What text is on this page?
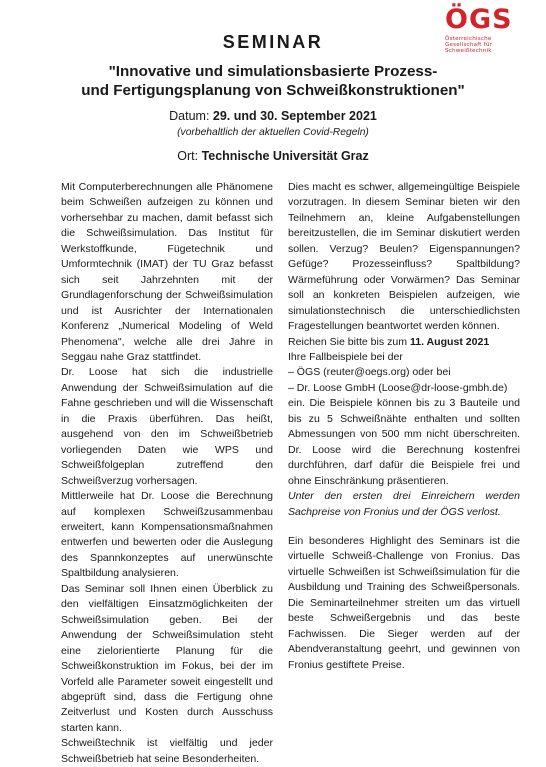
ÖGS
Österreichische
Gesellschaft für
Schweißtechnik
SEMINAR
"Innovative und simulationsbasierte Prozess-
und Fertigungsplanung von Schweißkonstruktionen"
Datum: 29. und 30. September 2021
(vorbehaltlich der aktuellen Covid-Regeln)
Ort: Technische Universität Graz

Mit Computerberechnungen alle Phänomene beim Schweißen aufzeigen zu können und vorhersehbar zu machen, damit befasst sich die Schweißsimulation. Das Institut für Werkstoffkunde, Fügetechnik und Umformtechnik (IMAT) der TU Graz befasst sich seit Jahrzehnten mit der Grundlagenforschung der Schweißsimulation und ist Ausrichter der Internationalen Konferenz „Numerical Modeling of Weld Phenomena", welche alle drei Jahre in Seggau nahe Graz stattfindet.

Dr. Loose hat sich die industrielle Anwendung der Schweißsimulation auf die Fahne geschrieben und will die Wissenschaft in die Praxis überführen. Das heißt, ausgehend von den im Schweißbetrieb vorliegenden Daten wie WPS und Schweißfolgeplan zutreffend den Schweißverzug vorhersagen.

Mittlerweile hat Dr. Loose die Berechnung auf komplexen Schweißzusammenbau erweitert, kann Kompensationsmaßnahmen entwerfen und bewerten oder die Auslegung des Spannkonzeptes auf unerwünschte Spaltbildung analysieren.

Das Seminar soll Ihnen einen Überblick zu den vielfältigen Einsatzmöglichkeiten der Schweißsimulation geben. Bei der Anwendung der Schweißsimulation steht eine zielorientierte Planung für die Schweißkonstruktion im Fokus, bei der im Vorfeld alle Parameter soweit eingestellt und abgeprüft sind, dass die Fertigung ohne Zeitverlust und Kosten durch Ausschuss starten kann.

Schweißtechnik ist vielfältig und jeder Schweißbetrieb hat seine Besonderheiten.

Dies macht es schwer, allgemeingültige Beispiele vorzutragen. In diesem Seminar bieten wir den Teilnehmern an, kleine Aufgabenstellungen bereitzustellen, die im Seminar diskutiert werden sollen. Verzug? Beulen? Eigenspannungen? Gefüge? Prozesseinfluss? Spaltbildung? Wärmeführung oder Vorwärmen? Das Seminar soll an konkreten Beispielen aufzeigen, wie simulationstechnisch die unterschiedlichsten Fragestellungen beantwortet werden können.

Reichen Sie bitte bis zum 11. August 2021
Ihre Fallbeispiele bei der
– ÖGS (reuter@oegs.org) oder bei
– Dr. Loose GmbH (Loose@dr-loose-gmbh.de)
ein. Die Beispiele können bis zu 3 Bauteile und bis zu 5 Schweißnähte enthalten und sollten Abmessungen von 500 mm nicht überschreiten. Dr. Loose wird die Berechnung kostenfrei durchführen, darf dafür die Beispiele frei und ohne Einschränkung präsentieren.

Unter den ersten drei Einreichern werden Sachpreise von Fronius und der ÖGS verlost.

Ein besonderes Highlight des Seminars ist die virtuelle Schweiß-Challenge von Fronius. Das virtuelle Schweißen ist Schweißsimulation für die Ausbildung und Training des Schweißpersonals. Die Seminarteilnehmer streiten um das virtuell beste Schweißergebnis und das beste Fachwissen. Die Sieger werden auf der Abendveranstaltung geehrt, und gewinnen von Fronius gestiftete Preise.
